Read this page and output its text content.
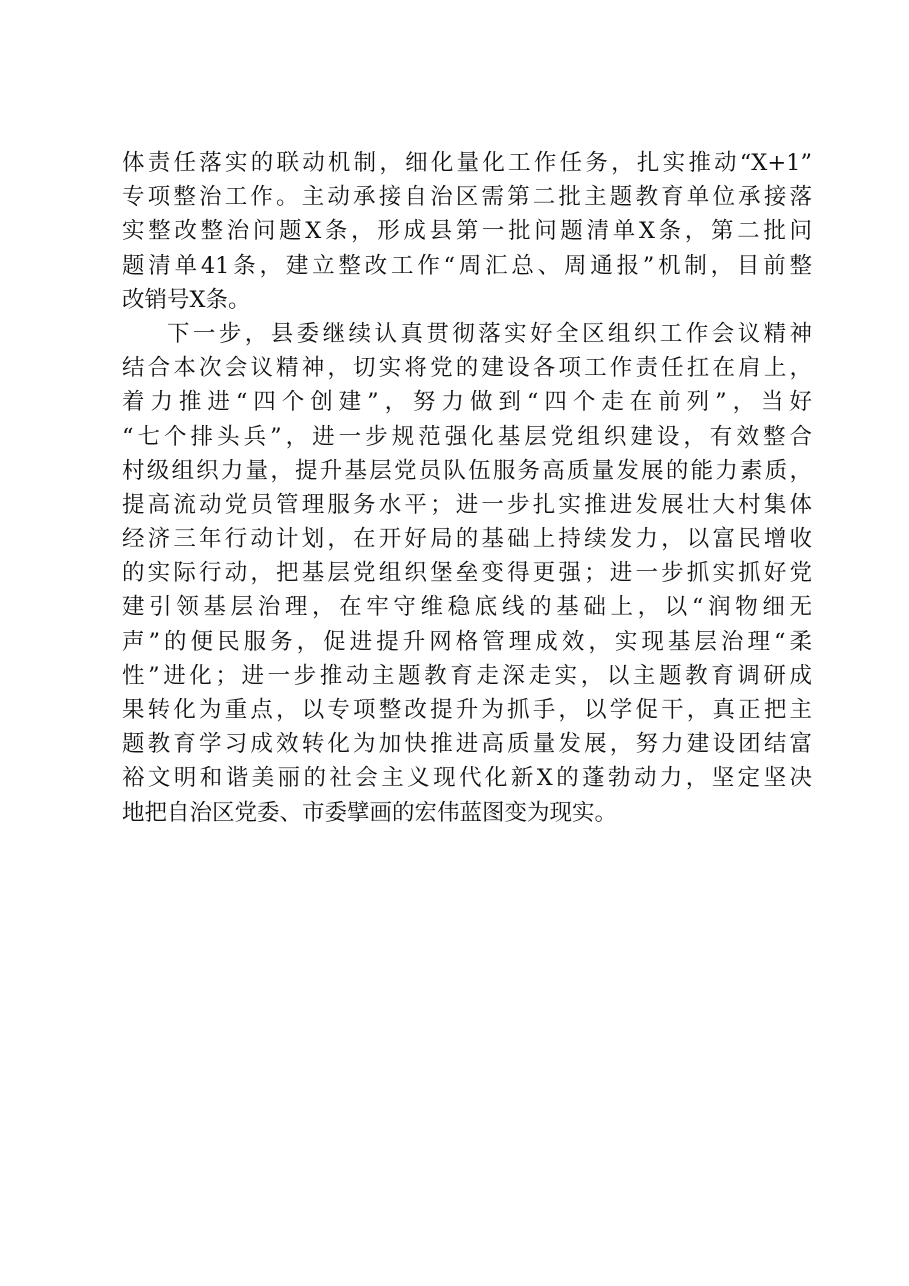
体责任落实的联动机制，细化量化工作任务，扎实推动“X+1”
专项整治工作。主动承接自治区需第二批主题教育单位承接落
实整改整治问题X条，形成县第一批问题清单X条，第二批问
题清单41条，建立整改工作“周汇总、周通报”机制，目前整
改销号X条。
下一步，县委继续认真贯彻落实好全区组织工作会议精神
结合本次会议精神，切实将党的建设各项工作责任扛在肩上，
着力推进“四个创建”，努力做到“四个走在前列”，当好
“七个排头兵”，进一步规范强化基层党组织建设，有效整合
村级组织力量，提升基层党员队伍服务高质量发展的能力素质，
提高流动党员管理服务水平；进一步扎实推进发展壮大村集体
经济三年行动计划，在开好局的基础上持续发力，以富民增收
的实际行动，把基层党组织堡垒变得更强；进一步抓实抓好党
建引领基层治理，在牢守维稳底线的基础上，以“润物细无
声”的便民服务，促进提升网格管理成效，实现基层治理“柔
性”进化；进一步推动主题教育走深走实，以主题教育调研成
果转化为重点，以专项整改提升为抓手，以学促干，真正把主
题教育学习成效转化为加快推进高质量发展，努力建设团结富
裕文明和谐美丽的社会主义现代化新X的蓬勃动力，坚定坚决
地把自治区党委、市委擘画的宏伟蓝图变为现实。
